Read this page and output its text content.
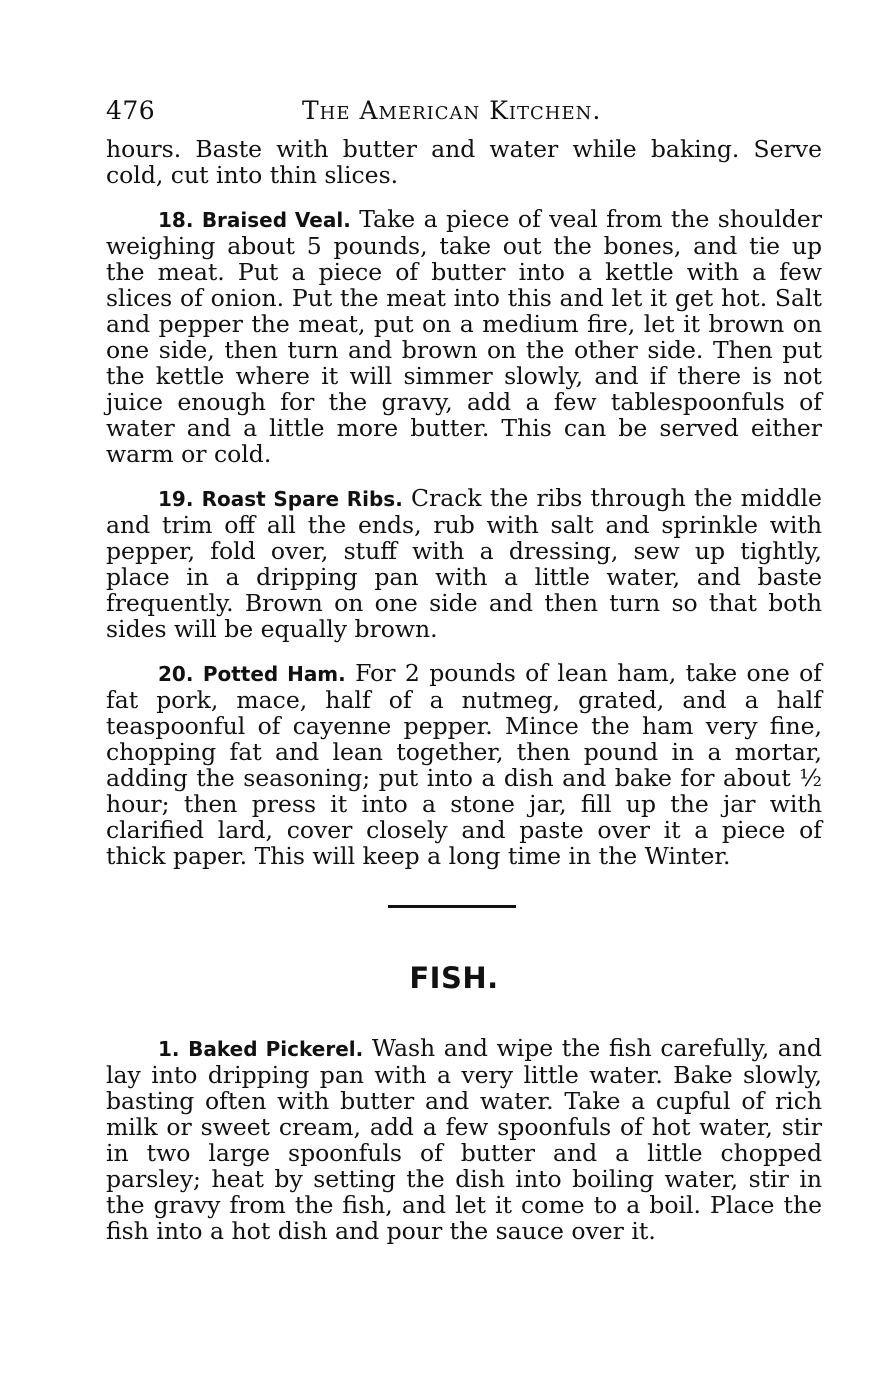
476	The American Kitchen.

hours. Baste with butter and water while baking. Serve cold, cut into thin slices.

18. Braised Veal. Take a piece of veal from the shoulder weighing about 5 pounds, take out the bones, and tie up the meat. Put a piece of butter into a kettle with a few slices of onion. Put the meat into this and let it get hot. Salt and pepper the meat, put on a medium fire, let it brown on one side, then turn and brown on the other side. Then put the kettle where it will simmer slowly, and if there is not juice enough for the gravy, add a few tablespoonfuls of water and a little more butter. This can be served either warm or cold.

19. Roast Spare Ribs. Crack the ribs through the middle and trim off all the ends, rub with salt and sprinkle with pepper, fold over, stuff with a dressing, sew up tightly, place in a dripping pan with a little water, and baste frequently. Brown on one side and then turn so that both sides will be equally brown.

20. Potted Ham. For 2 pounds of lean ham, take one of fat pork, mace, half of a nutmeg, grated, and a half teaspoonful of cayenne pepper. Mince the ham very fine, chopping fat and lean together, then pound in a mortar, adding the seasoning; put into a dish and bake for about ½ hour; then press it into a stone jar, fill up the jar with clarified lard, cover closely and paste over it a piece of thick paper. This will keep a long time in the Winter.

FISH.

1. Baked Pickerel. Wash and wipe the fish carefully, and lay into dripping pan with a very little water. Bake slowly, basting often with butter and water. Take a cupful of rich milk or sweet cream, add a few spoonfuls of hot water, stir in two large spoonfuls of butter and a little chopped parsley; heat by setting the dish into boiling water, stir in the gravy from the fish, and let it come to a boil. Place the fish into a hot dish and pour the sauce over it.
